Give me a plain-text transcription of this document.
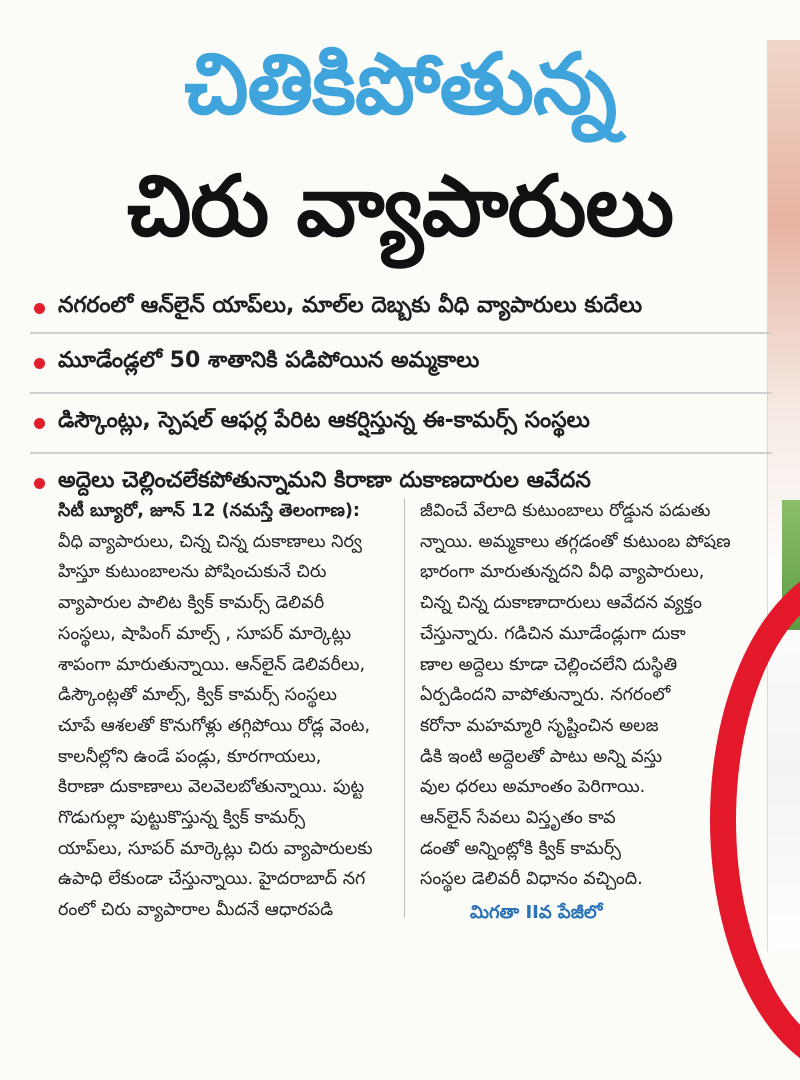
చితికిపోతున్న
చిరు వ్యాపారులు
నగరంలో ఆన్‌లైన్ యాప్‌లు, మాల్‌ల దెబ్బకు వీధి వ్యాపారులు కుదేలు
మూడేండ్లలో 50 శాతానికి పడిపోయిన అమ్మకాలు
డిస్కౌంట్లు, స్పెషల్ ఆఫర్ల పేరిట ఆకర్షిస్తున్న ఈ-కామర్స్ సంస్థలు
అద్దెలు చెల్లించలేకపోతున్నామని కిరాణా దుకాణదారుల ఆవేదన
సిటీ బ్యూరో, జూన్ 12 (నమస్తే తెలంగాణ):
వీధి వ్యాపారులు, చిన్న చిన్న దుకాణాలు నిర్వ
హిస్తూ కుటుంబాలను పోషించుకునే చిరు
వ్యాపారుల పాలిట క్విక్ కామర్స్ డెలివరీ
సంస్థలు, షాపింగ్ మాల్స్ , సూపర్ మార్కెట్లు
శాపంగా మారుతున్నాయి. ఆన్‌లైన్ డెలివరీలు,
డిస్కౌంట్లతో మాల్స్, క్విక్ కామర్స్ సంస్థలు
చూపే ఆశలతో కొనుగోళ్లు తగ్గిపోయి రోడ్ల వెంట,
కాలనీల్లోని ఉండే పండ్లు, కూరగాయలు,
కిరాణా దుకాణాలు వెలవెలబోతున్నాయి. పుట్ట
గొడుగుల్లా పుట్టుకొస్తున్న క్విక్ కామర్స్
యాప్‌లు, సూపర్ మార్కెట్లు చిరు వ్యాపారులకు
ఉపాధి లేకుండా చేస్తున్నాయి. హైదరాబాద్ నగ
రంలో చిరు వ్యాపారాల మీదనే ఆధారపడి
జీవించే వేలాది కుటుంబాలు రోడ్డున పడుతు
న్నాయి. అమ్మకాలు తగ్గడంతో కుటుంబ పోషణ
భారంగా మారుతున్నదని వీధి వ్యాపారులు,
చిన్న చిన్న దుకాణాదారులు ఆవేదన వ్యక్తం
చేస్తున్నారు. గడిచిన మూడేండ్లుగా దుకా
ణాల అద్దెలు కూడా చెల్లించలేని దుస్థితి
ఏర్పడిందని వాపోతున్నారు. నగరంలో
కరోనా మహమ్మారి సృష్టించిన అలజ
డికి ఇంటి అద్దెలతో పాటు అన్ని వస్తు
వుల ధరలు అమాంతం పెరిగాయి.
ఆన్‌లైన్ సేవలు విస్తృతం కావ
డంతో అన్నింట్లోకి క్విక్ కామర్స్
సంస్థల డెలివరీ విధానం వచ్చింది.
మిగతా IIవ పేజీలో
